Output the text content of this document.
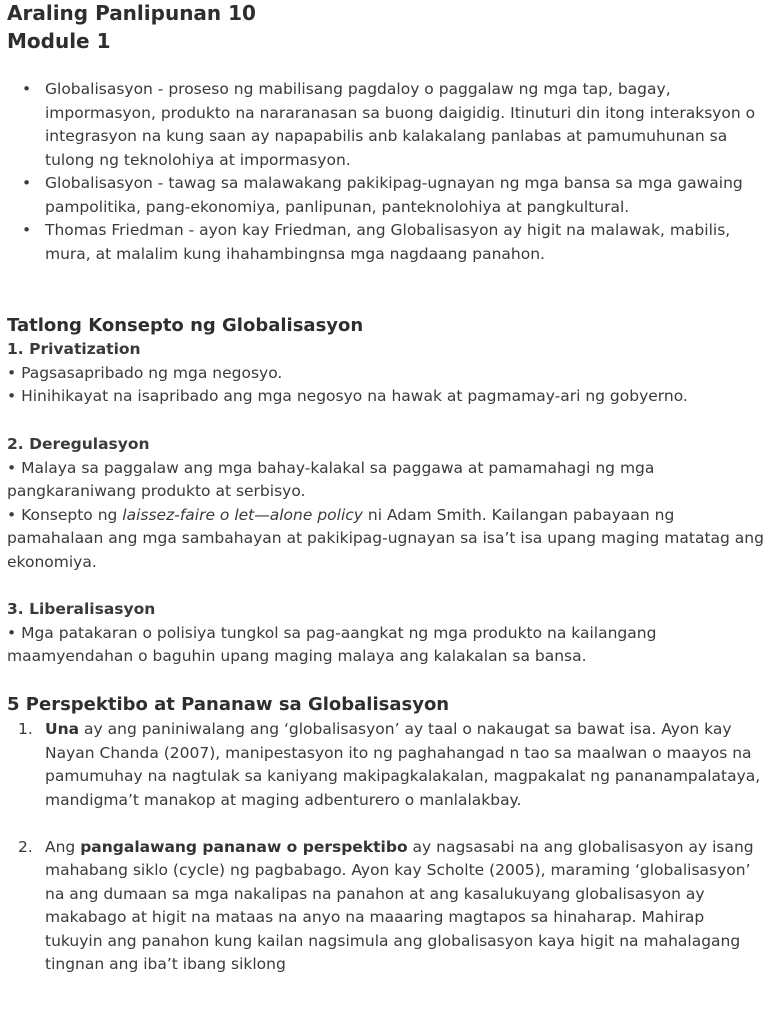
Araling Panlipunan 10
Module 1
• Globalisasyon - proseso ng mabilisang pagdaloy o paggalaw ng mga tap, bagay, impormasyon, produkto na nararanasan sa buong daigidig. Itinuturi din itong interaksyon o integrasyon na kung saan ay napapabilis anb kalakalang panlabas at pamumuhunan sa tulong ng teknolohiya at impormasyon.
• Globalisasyon - tawag sa malawakang pakikipag-ugnayan ng mga bansa sa mga gawaing pampolitika, pang-ekonomiya, panlipunan, panteknolohiya at pangkultural.
• Thomas Friedman - ayon kay Friedman, ang Globalisasyon ay higit na malawak, mabilis, mura, at malalim kung ihahambingnsa mga nagdaang panahon.
Tatlong Konsepto ng Globalisasyon
1. Privatization

• Pagsasapribado ng mga negosyo.

• Hinihikayat na isapribado ang mga negosyo na hawak at pagmamay-ari ng gobyerno.

2. Deregulasyon

• Malaya sa paggalaw ang mga bahay-kalakal sa paggawa at pamamahagi ng mga pangkaraniwang produkto at serbisyo.

• Konsepto ng laissez-faire o let—alone policy ni Adam Smith. Kailangan pabayaan ng pamahalaan ang mga sambahayan at pakikipag-ugnayan sa isa’t isa upang maging matatag ang ekonomiya.

3. Liberalisasyon

• Mga patakaran o polisiya tungkol sa pag-aangkat ng mga produkto na kailangang maamyendahan o baguhin upang maging malaya ang kalakalan sa bansa.

5 Perspektibo at Pananaw sa Globalisasyon
1. Una ay ang paniniwalang ang ‘globalisasyon’ ay taal o nakaugat sa bawat isa. Ayon kay Nayan Chanda (2007), manipestasyon ito ng paghahangad n tao sa maalwan o maayos na pamumuhay na nagtulak sa kaniyang makipagkalakalan, magpakalat ng pananampalataya, mandigma’t manakop at maging adbenturero o manlalakbay.
2. Ang pangalawang pananaw o perspektibo ay nagsasabi na ang globalisasyon ay isang mahabang siklo (cycle) ng pagbabago. Ayon kay Scholte (2005), maraming ‘globalisasyon’ na ang dumaan sa mga nakalipas na panahon at ang kasalukuyang globalisasyon ay makabago at higit na mataas na anyo na maaaring magtapos sa hinaharap. Mahirap tukuyin ang panahon kung kailan nagsimula ang globalisasyon kaya higit na mahalagang tingnan ang iba’t ibang siklong
